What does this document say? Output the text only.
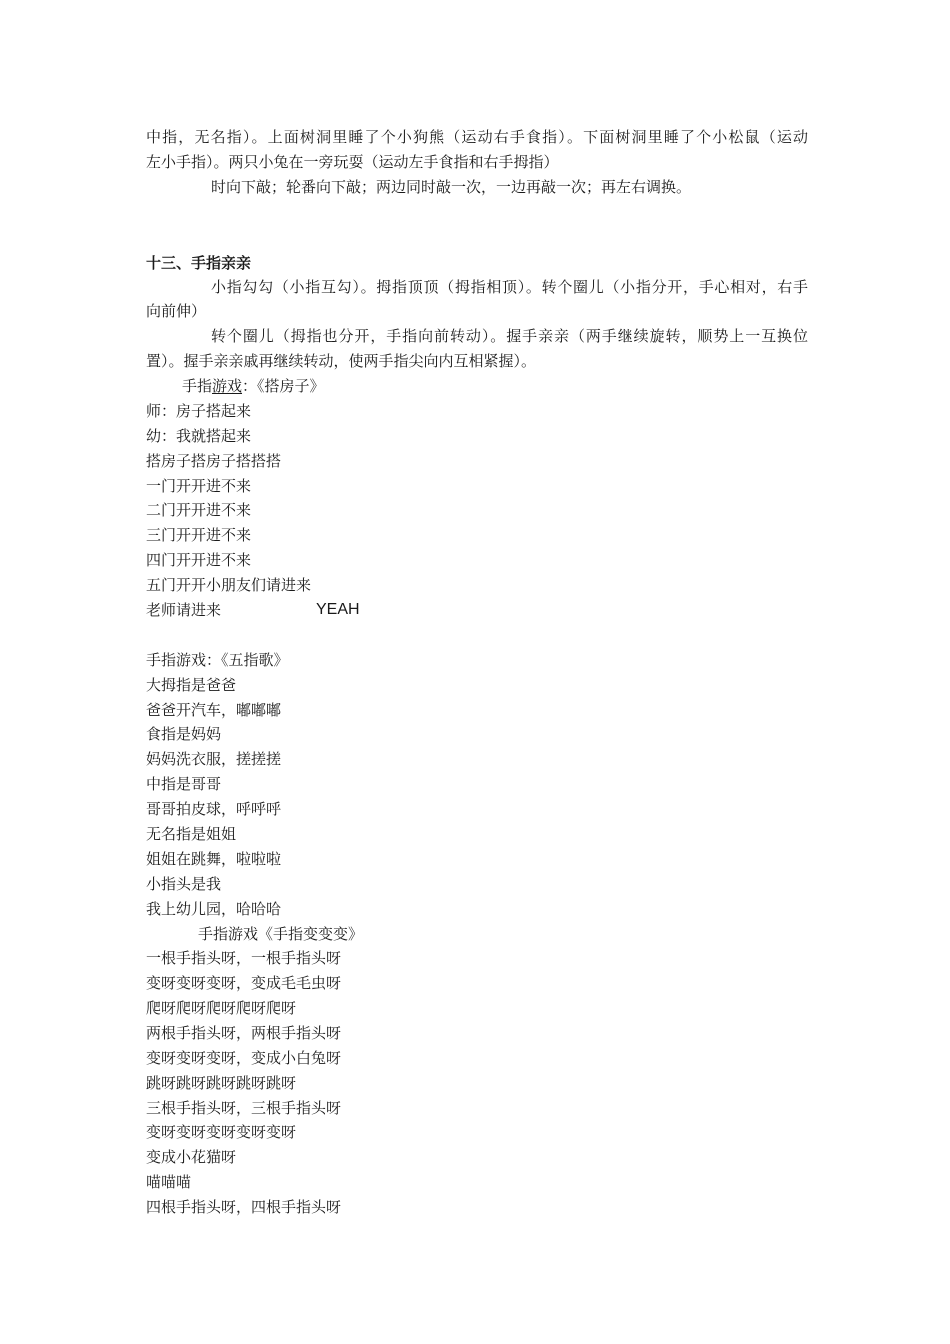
中指，无名指）。上面树洞里睡了个小狗熊（运动右手食指）。下面树洞里睡了个小松鼠（运动
左小手指）。两只小兔在一旁玩耍（运动左手食指和右手拇指）
时向下敲；轮番向下敲；两边同时敲一次，一边再敲一次；再左右调换。
十三、手指亲亲
小指勾勾（小指互勾）。拇指顶顶（拇指相顶）。转个圈儿（小指分开，手心相对，右手
向前伸）
转个圈儿（拇指也分开，手指向前转动）。握手亲亲（两手继续旋转，顺势上一互换位
置）。握手亲亲戚再继续转动，使两手指尖向内互相紧握）。
手指游戏：《搭房子》
师：房子搭起来
幼：我就搭起来
搭房子搭房子搭搭搭
一门开开进不来
二门开开进不来
三门开开进不来
四门开开进不来
五门开开小朋友们请进来
老师请进来	YEAH
手指游戏：《五指歌》
大拇指是爸爸
爸爸开汽车，嘟嘟嘟
食指是妈妈
妈妈洗衣服，搓搓搓
中指是哥哥
哥哥拍皮球，呼呼呼
无名指是姐姐
姐姐在跳舞，啦啦啦
小指头是我
我上幼儿园，哈哈哈
手指游戏《手指变变变》
一根手指头呀，一根手指头呀
变呀变呀变呀，变成毛毛虫呀
爬呀爬呀爬呀爬呀爬呀
两根手指头呀，两根手指头呀
变呀变呀变呀，变成小白兔呀
跳呀跳呀跳呀跳呀跳呀
三根手指头呀，三根手指头呀
变呀变呀变呀变呀变呀
变成小花猫呀
喵喵喵
四根手指头呀，四根手指头呀
